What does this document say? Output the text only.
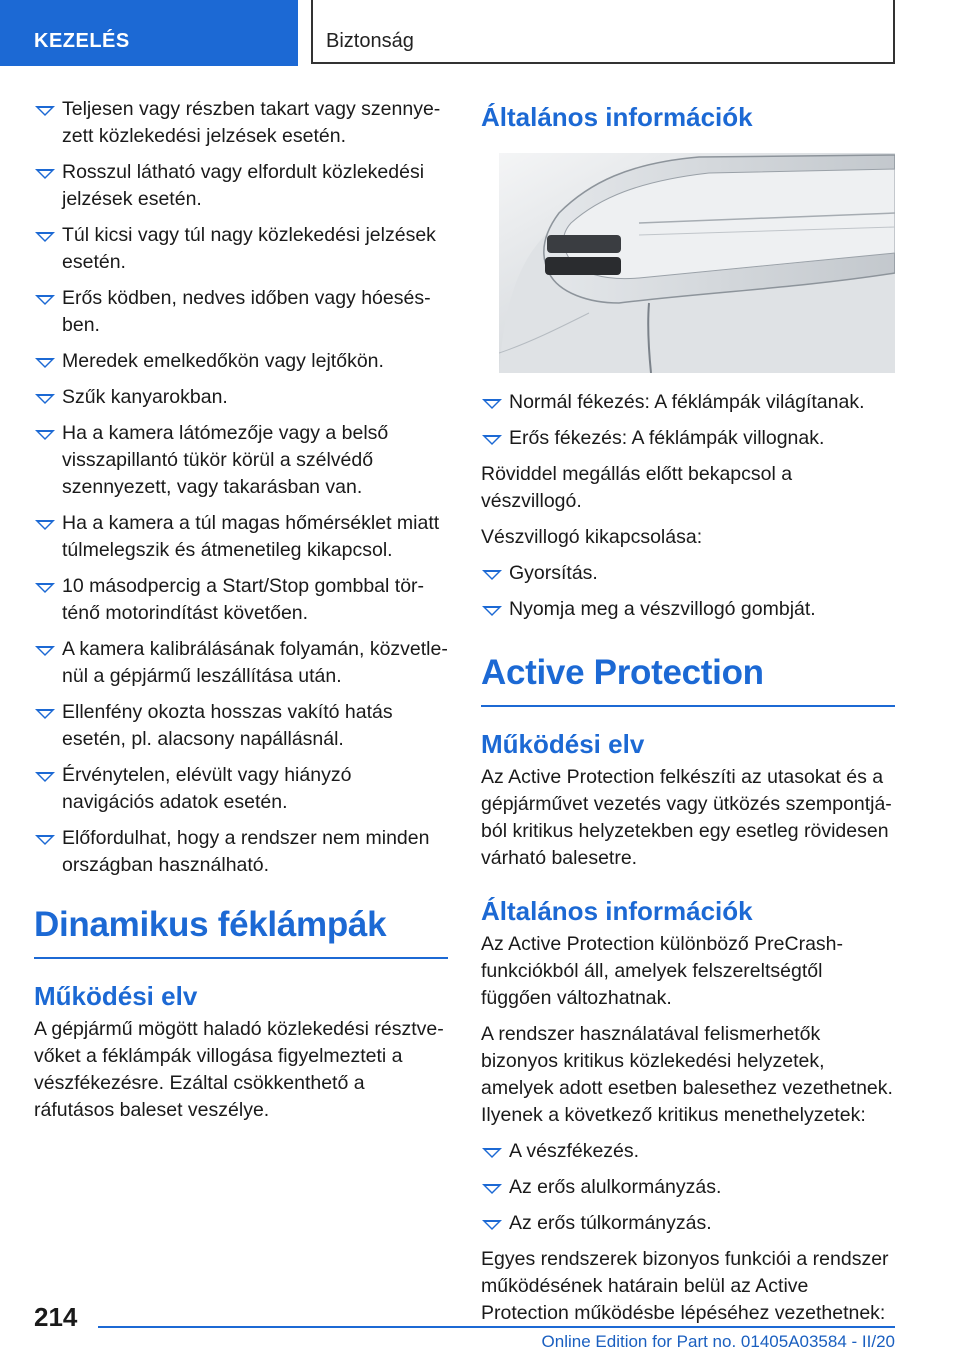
KEZELÉS	Biztonság
Teljesen vagy részben takart vagy szennyezett közlekedési jelzések esetén.
Rosszul látható vagy elfordult közlekedési jelzések esetén.
Túl kicsi vagy túl nagy közlekedési jelzések esetén.
Erős ködben, nedves időben vagy hóesésben.
Meredek emelkedőkön vagy lejtőkön.
Szűk kanyarokban.
Ha a kamera látómezője vagy a belső visszapillantó tükör körül a szélvédő szennyezett, vagy takarásban van.
Ha a kamera a túl magas hőmérséklet miatt túlmelegszik és átmenetileg kikapcsol.
10 másodpercig a Start/Stop gombbal történő motorindítást követően.
A kamera kalibrálásának folyamán, közvetlenül a gépjármű leszállítása után.
Ellenfény okozta hosszas vakító hatás esetén, pl. alacsony napállásnál.
Érvénytelen, elévült vagy hiányzó navigációs adatok esetén.
Előfordulhat, hogy a rendszer nem minden országban használható.
Dinamikus féklámpák
Működési elv

A gépjármű mögött haladó közlekedési résztvevőket a féklámpák villogása figyelmezteti a vészfékezésre. Ezáltal csökkenthető a ráfutásos baleset veszélye.

Általános információk
Normál fékezés: A féklámpák világítanak.
Erős fékezés: A féklámpák villognak.

Röviddel megállás előtt bekapcsol a vészvillogó.

Vészvillogó kikapcsolása:

Gyorsítás.
Nyomja meg a vészvillogó gombját.
Active Protection
Működési elv

Az Active Protection felkészíti az utasokat és a gépjárművet vezetés vagy ütközés szempontjából kritikus helyzetekben egy esetleg rövidesen várható balesetre.

Általános információk

Az Active Protection különböző PreCrash-funkciókból áll, amelyek felszereltségtől függően változhatnak.

A rendszer használatával felismerhetők bizonyos kritikus közlekedési helyzetek, amelyek adott esetben balesethez vezethetnek. Ilyenek a következő kritikus menethelyzetek:

A vészfékezés.
Az erős alulkormányzás.
Az erős túlkormányzás.

Egyes rendszerek bizonyos funkciói a rendszer működésének határain belül az Active Protection működésbe lépéséhez vezethetnek:

214
Online Edition for Part no. 01405A03584 - II/20
